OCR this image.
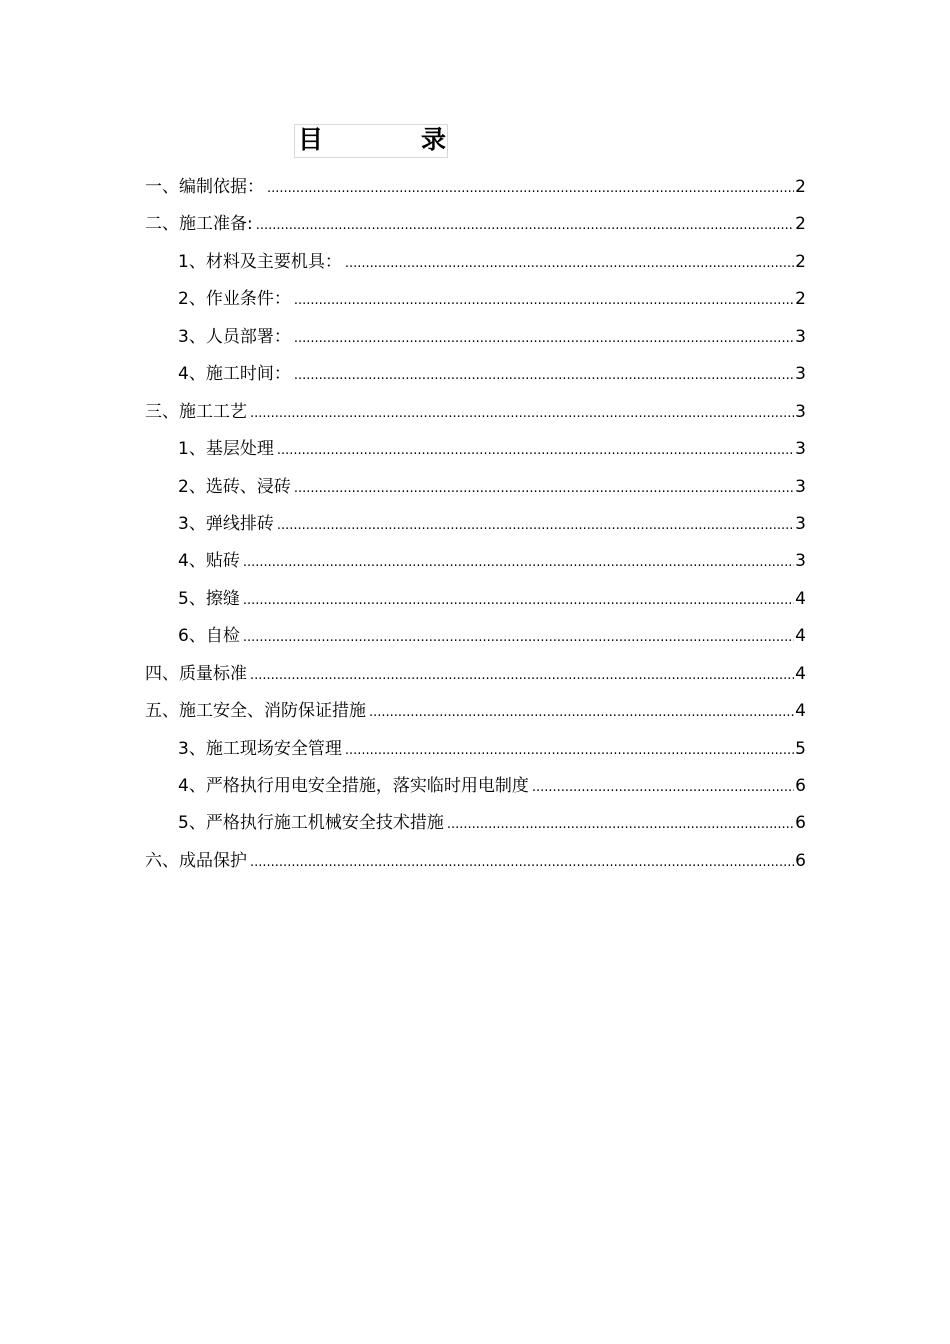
目	录
一、编制依据： .....	2
二、施工准备: .....	2
1、材料及主要机具： .....	2
2、作业条件： .....	2
3、人员部署： .....	3
4、施工时间： .....	3
三、施工工艺 .....	3
1、基层处理 .....	3
2、选砖、浸砖 .....	3
3、弹线排砖 .....	3
4、贴砖 .....	3
5、擦缝 .....	4
6、自检 .....	4
四、质量标准 .....	4
五、施工安全、消防保证措施 .....	4
3、施工现场安全管理 .....	5
4、严格执行用电安全措施，落实临时用电制度 .....	6
5、严格执行施工机械安全技术措施 .....	6
六、成品保护 .....	6
